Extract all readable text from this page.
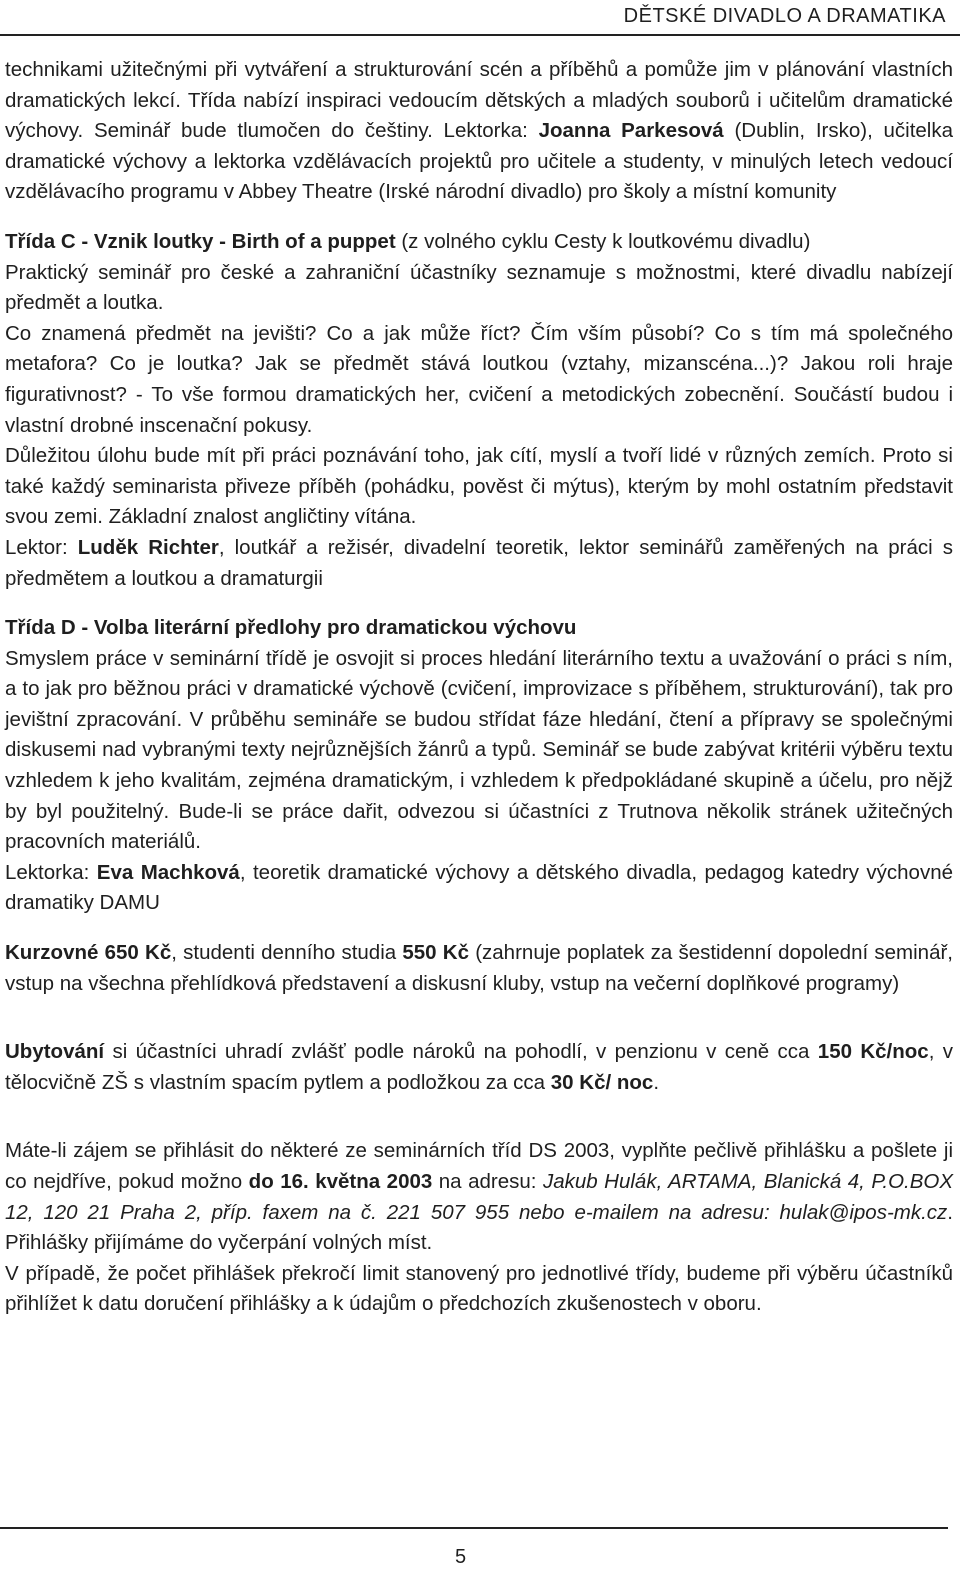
DĚTSKÉ DIVADLO A DRAMATIKA

technikami užitečnými při vytváření a strukturování scén a příběhů a pomůže jim v plánování vlastních dramatických lekcí. Třída nabízí inspiraci vedoucím dětských a mladých souborů i učitelům dramatické výchovy. Seminář bude tlumočen do češtiny. Lektorka: Joanna Parkesová (Dublin, Irsko), učitelka dramatické výchovy a lektorka vzdělávacích projektů pro učitele a studenty, v minulých letech vedoucí vzdělávacího programu v Abbey Theatre (Irské národní divadlo) pro školy a místní komunity

Třída C - Vznik loutky - Birth of a puppet (z volného cyklu Cesty k loutkovému divadlu)

Praktický seminář pro české a zahraniční účastníky seznamuje s možnostmi, které divadlu nabízejí předmět a loutka.

Co znamená předmět na jevišti? Co a jak může říct? Čím vším působí? Co s tím má společného metafora? Co je loutka? Jak se předmět stává loutkou (vztahy, mizanscéna...)? Jakou roli hraje figurativnost? - To vše formou dramatických her, cvičení a metodických zobecnění. Součástí budou i vlastní drobné inscenační pokusy.

Důležitou úlohu bude mít při práci poznávání toho, jak cítí, myslí a tvoří lidé v různých zemích. Proto si také každý seminarista přiveze příběh (pohádku, pověst či mýtus), kterým by mohl ostatním představit svou zemi. Základní znalost angličtiny vítána.

Lektor: Luděk Richter, loutkář a režisér, divadelní teoretik, lektor seminářů zaměřených na práci s předmětem a loutkou a dramaturgii

Třída D - Volba literární předlohy pro dramatickou výchovu

Smyslem práce v seminární třídě je osvojit si proces hledání literárního textu a uvažování o práci s ním, a to jak pro běžnou práci v dramatické výchově (cvičení, improvizace s příběhem, strukturování), tak pro jevištní zpracování. V průběhu semináře se budou střídat fáze hledání, čtení a přípravy se společnými diskusemi nad vybranými texty nejrůznějších žánrů a typů. Seminář se bude zabývat kritérii výběru textu vzhledem k jeho kvalitám, zejména dramatickým, i vzhledem k předpokládané skupině a účelu, pro nějž by byl použitelný. Bude-li se práce dařit, odvezou si účastníci z Trutnova několik stránek užitečných pracovních materiálů.

Lektorka: Eva Machková, teoretik dramatické výchovy a dětského divadla, pedagog katedry výchovné dramatiky DAMU

Kurzovné 650 Kč, studenti denního studia 550 Kč (zahrnuje poplatek za šestidenní dopolední seminář, vstup na všechna přehlídková představení a diskusní kluby, vstup na večerní doplňkové programy)

Ubytování si účastníci uhradí zvlášť podle nároků na pohodlí, v penzionu v ceně cca 150 Kč/noc, v tělocvičně ZŠ s vlastním spacím pytlem a podložkou za cca 30 Kč/ noc.

Máte-li zájem se přihlásit do některé ze seminárních tříd DS 2003, vyplňte pečlivě přihlášku a pošlete ji co nejdříve, pokud možno do 16. května 2003 na adresu: Jakub Hulák, ARTAMA, Blanická 4, P.O.BOX 12, 120 21 Praha 2, příp. faxem na č. 221 507 955 nebo e-mailem na adresu: hulak@ipos-mk.cz. Přihlášky přijímáme do vyčerpání volných míst.

V případě, že počet přihlášek překročí limit stanovený pro jednotlivé třídy, budeme při výběru účastníků přihlížet k datu doručení přihlášky a k údajům o předchozích zkušenostech v oboru.

5
